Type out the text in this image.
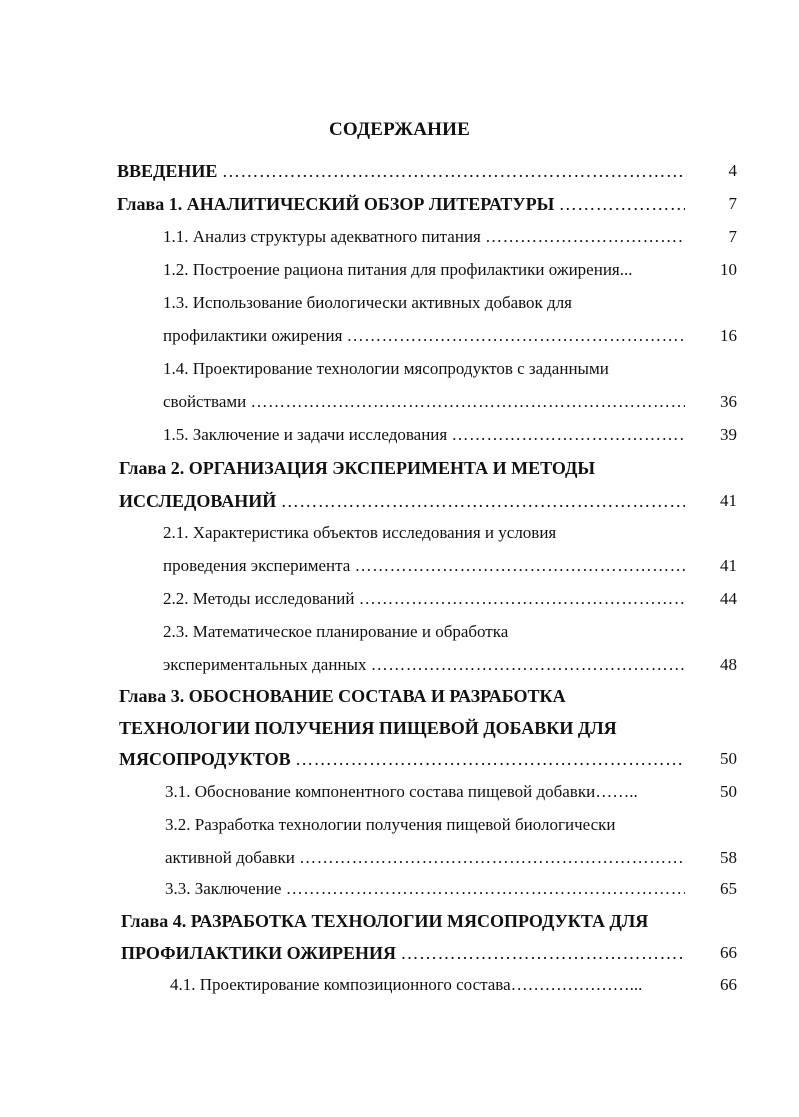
СОДЕРЖАНИЕ
ВВЕДЕНИЕ …………………………………………………………………………………………………………………………………………………………………………………………	4
Глава 1. АНАЛИТИЧЕСКИЙ ОБЗОР ЛИТЕРАТУРЫ …………………………………………………………………………………………………………………………………………………………………………………………	7
1.1. Анализ структуры адекватного питания …………………………………………………………………………………………………………………………………………………………………………………………	7
1.2. Построение рациона питания для профилактики ожирения...	10
1.3. Использование биологически активных добавок для
профилактики ожирения …………………………………………………………………………………………………………………………………………………………………………………………	16
1.4. Проектирование технологии мясопродуктов с заданными
свойствами …………………………………………………………………………………………………………………………………………………………………………………………	36
1.5. Заключение и задачи исследования …………………………………………………………………………………………………………………………………………………………………………………………	39
Глава 2. ОРГАНИЗАЦИЯ ЭКСПЕРИМЕНТА И МЕТОДЫ
ИССЛЕДОВАНИЙ …………………………………………………………………………………………………………………………………………………………………………………………	41
2.1. Характеристика объектов исследования и условия
проведения эксперимента …………………………………………………………………………………………………………………………………………………………………………………………	41
2.2. Методы исследований …………………………………………………………………………………………………………………………………………………………………………………………	44
2.3. Математическое планирование и обработка
экспериментальных данных …………………………………………………………………………………………………………………………………………………………………………………………	48
Глава 3. ОБОСНОВАНИЕ СОСТАВА И РАЗРАБОТКА
ТЕХНОЛОГИИ ПОЛУЧЕНИЯ ПИЩЕВОЙ ДОБАВКИ ДЛЯ
МЯСОПРОДУКТОВ …………………………………………………………………………………………………………………………………………………………………………………………	50
3.1. Обоснование компонентного состава пищевой добавки……..	50
3.2. Разработка технологии получения пищевой биологически
активной добавки …………………………………………………………………………………………………………………………………………………………………………………………	58
3.3. Заключение …………………………………………………………………………………………………………………………………………………………………………………………	65
Глава 4. РАЗРАБОТКА ТЕХНОЛОГИИ МЯСОПРОДУКТА ДЛЯ
ПРОФИЛАКТИКИ ОЖИРЕНИЯ …………………………………………………………………………………………………………………………………………………………………………………………	66
4.1. Проектирование композиционного состава…………………...	66
